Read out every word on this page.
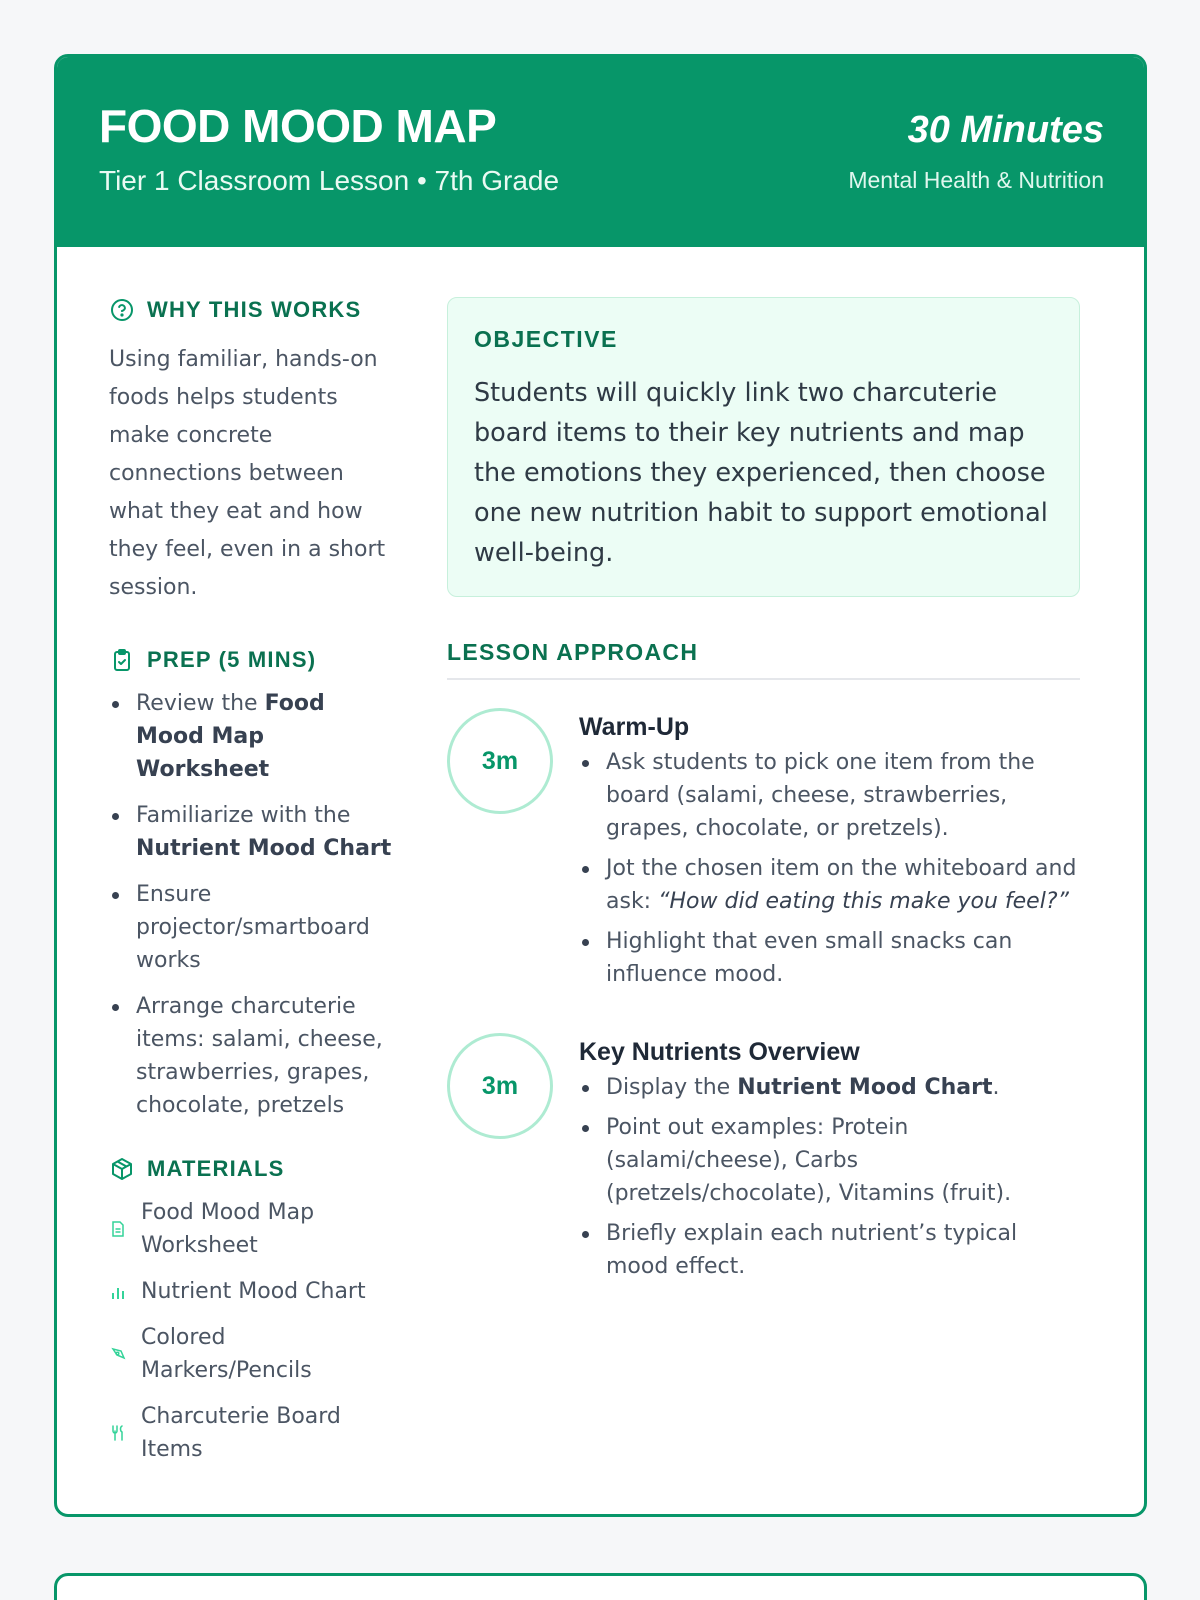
FOOD MOOD MAP
Tier 1 Classroom Lesson • 7th Grade
30 Minutes
Mental Health & Nutrition
WHY THIS WORKS

Using familiar, hands-on foods helps students make concrete connections between what they eat and how they feel, even in a short session.

PREP (5 MINS)
Review the Food Mood Map Worksheet
Familiarize with the Nutrient Mood Chart
Ensure projector/smartboard works
Arrange charcuterie items: salami, cheese, strawberries, grapes, chocolate, pretzels
MATERIALS
Food Mood Map Worksheet
Nutrient Mood Chart
Colored Markers/Pencils
Charcuterie Board Items
OBJECTIVE

Students will quickly link two charcuterie board items to their key nutrients and map the emotions they experienced, then choose one new nutrition habit to support emotional well-being.

LESSON APPROACH
3m
Warm-Up
Ask students to pick one item from the board (salami, cheese, strawberries, grapes, chocolate, or pretzels).
Jot the chosen item on the whiteboard and ask: “How did eating this make you feel?”
Highlight that even small snacks can influence mood.
3m
Key Nutrients Overview
Display the Nutrient Mood Chart.
Point out examples: Protein (salami/cheese), Carbs (pretzels/chocolate), Vitamins (fruit).
Briefly explain each nutrient’s typical mood effect.
